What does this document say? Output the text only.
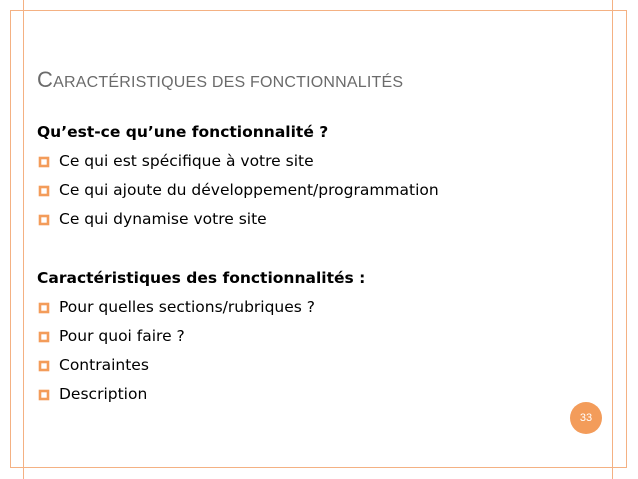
CARACTÉRISTIQUES DES FONCTIONNALITÉS
Qu’est-ce qu’une fonctionnalité ?
Ce qui est spécifique à votre site
Ce qui ajoute du développement/programmation
Ce qui dynamise votre site
Caractéristiques des fonctionnalités :
Pour quelles sections/rubriques ?
Pour quoi faire ?
Contraintes
Description
33
